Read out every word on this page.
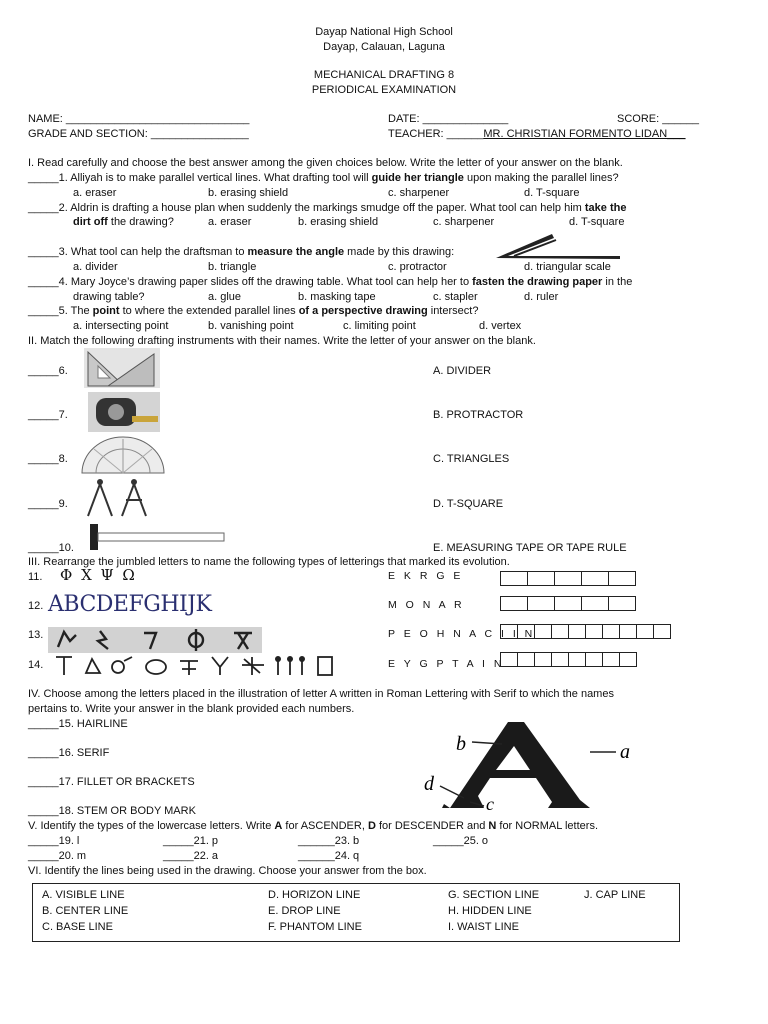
Dayap National High School
Dayap, Calauan, Laguna
MECHANICAL DRAFTING 8
PERIODICAL EXAMINATION
NAME: ______________________________	DATE: ______________	SCORE: ______
GRADE AND SECTION: ________________	TEACHER: ______MR. CHRISTIAN FORMENTO LIDAN___
I. Read carefully and choose the best answer among the given choices below. Write the letter of your answer on the blank.
_____1. Alliyah is to make parallel vertical lines. What drafting tool will guide her triangle upon making the parallel lines?
a. eraser	b. erasing shield	c. sharpener	d. T-square
_____2. Aldrin is drafting a house plan when suddenly the markings smudge off the paper. What tool can help him take the
dirt off the drawing?	a. eraser	b. erasing shield	c. sharpener	d. T-square
_____3. What tool can help the draftsman to measure the angle made by this drawing:
a. divider	b. triangle	c. protractor	d. triangular scale
_____4. Mary Joyce’s drawing paper slides off the drawing table. What tool can help her to fasten the drawing paper in the
drawing table?	a. glue	b. masking tape	c. stapler	d. ruler
_____5. The point to where the extended parallel lines of a perspective drawing intersect?
a. intersecting point	b. vanishing point	c. limiting point	d. vertex
II. Match the following drafting instruments with their names. Write the letter of your answer on the blank.
_____6.	A. DIVIDER
_____7.	B. PROTRACTOR
_____8.	C. TRIANGLES
_____9.	D. T-SQUARE
_____10.	E. MEASURING TAPE OR TAPE RULE
III. Rearrange the jumbled letters to name the following types of letterings that marked its evolution.
11. Φ Χ Ψ Ω	E K R G E
12. ABCDEFGHIJK	M O N A R
13.	P E O H N A C I I N
14.	E Y G P T A I N
IV. Choose among the letters placed in the illustration of letter A written in Roman Lettering with Serif to which the names
pertains to. Write your answer in the blank provided each numbers.
_____15. HAIRLINE
_____16. SERIF
_____17. FILLET OR BRACKETS
_____18. STEM OR BODY MARK
b	a
d
c
V. Identify the types of the lowercase letters. Write A for ASCENDER, D for DESCENDER and N for NORMAL letters.
_____19. l	_____21. p	______23. b	_____25. o
_____20. m	_____22. a	______24. q
VI. Identify the lines being used in the drawing. Choose your answer from the box.
A. VISIBLE LINE	D. HORIZON LINE	G. SECTION LINE	J. CAP LINE
B. CENTER LINE	E. DROP LINE	H. HIDDEN LINE
C. BASE LINE	F. PHANTOM LINE	I. WAIST LINE
